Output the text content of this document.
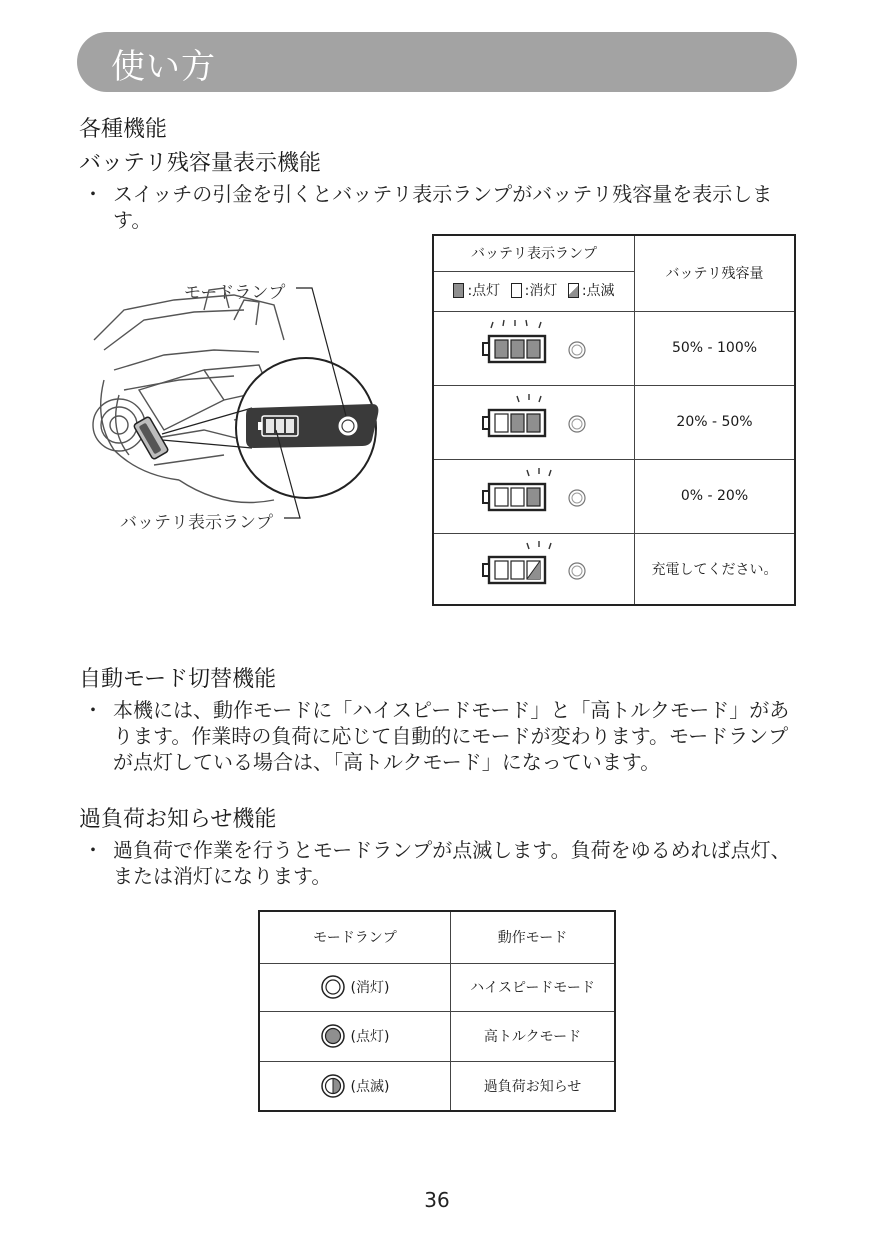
使い方
各種機能
バッテリ残容量表示機能
・ スイッチの引金を引くとバッテリ表示ランプがバッテリ残容量を表示します。
モードランプ
バッテリ表示ランプ
バッテリ表示ランプ	バッテリ残容量

:点灯
:消灯
:点滅	

	50% - 100%
	20% - 50%
	0% - 20%
	充電してください。
自動モード切替機能
・ 本機には、動作モードに「ハイスピードモード」と「高トルクモード」があります。作業時の負荷に応じて自動的にモードが変わります。モードランプが点灯している場合は、「高トルクモード」になっています。
過負荷お知らせ機能
・ 過負荷で作業を行うとモードランプが点滅します。負荷をゆるめれば点灯、または消灯になります。
モードランプ	動作モード

(消灯)	ハイスピードモード

(点灯)	高トルクモード

(点滅)	過負荷お知らせ
36
